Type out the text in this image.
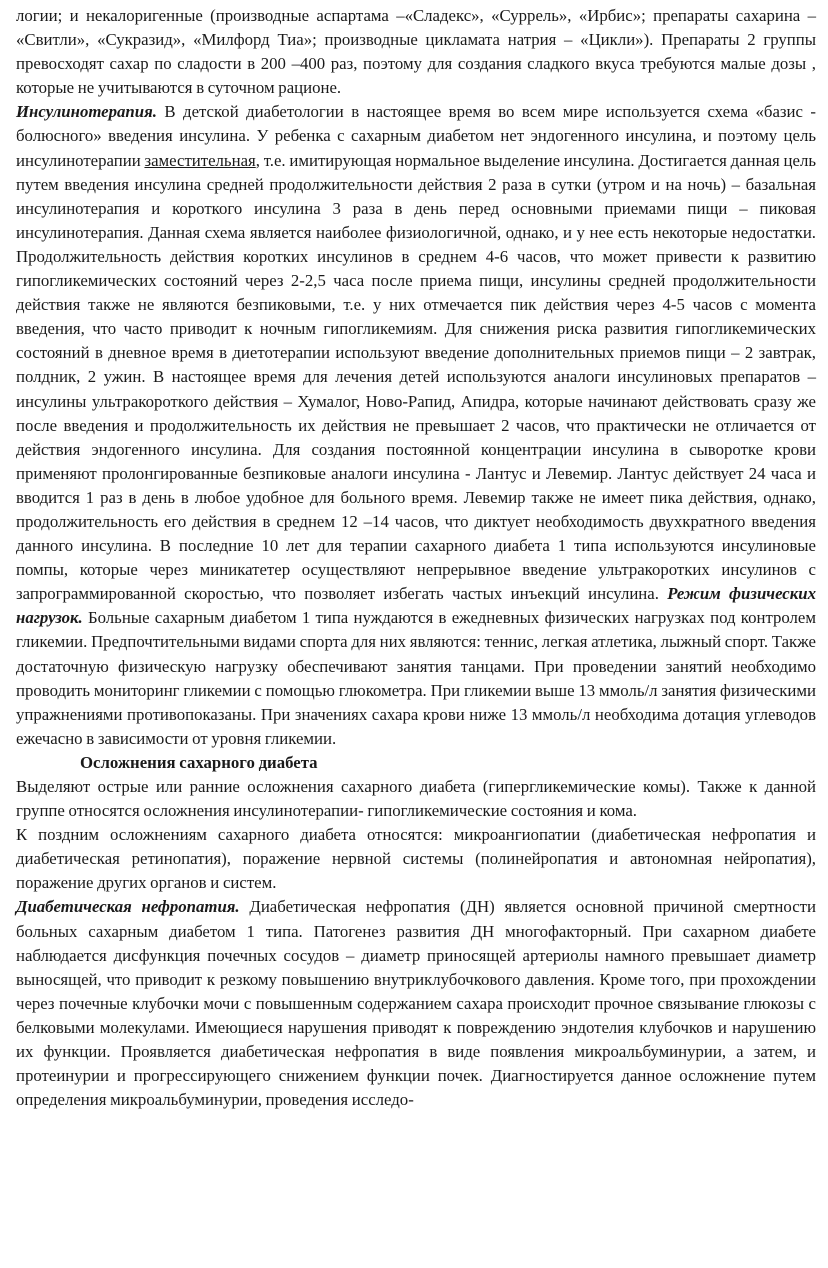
логии; и некалоригенные (производные аспартама –«Сладекс», «Суррель», «Ирбис»; препараты сахарина – «Свитли», «Сукразид», «Милфорд Тиа»; производные цикламата натрия – «Цикли»). Препараты 2 группы превосходят сахар по сладости в 200 –400 раз, поэтому для создания сладкого вкуса требуются малые дозы , которые не учитываются в суточном рационе.

Инсулинотерапия. В детской диабетологии в настоящее время во всем мире используется схема «базис - болюсного» введения инсулина. У ребенка с сахарным диабетом нет эндогенного инсулина, и поэтому цель инсулинотерапии заместительная, т.е. имитирующая нормальное выделение инсулина. Достигается данная цель путем введения инсулина средней продолжительности действия 2 раза в сутки (утром и на ночь) – базальная инсулинотерапия и короткого инсулина 3 раза в день перед основными приемами пищи – пиковая инсулинотерапия. Данная схема является наиболее физиологичной, однако, и у нее есть некоторые недостатки. Продолжительность действия коротких инсулинов в среднем 4-6 часов, что может привести к развитию гипогликемических состояний через 2-2,5 часа после приема пищи, инсулины средней продолжительности действия также не являются безпиковыми, т.е. у них отмечается пик действия через 4-5 часов с момента введения, что часто приводит к ночным гипогликемиям. Для снижения риска развития гипогликемических состояний в дневное время в диетотерапии используют введение дополнительных приемов пищи – 2 завтрак, полдник, 2 ужин. В настоящее время для лечения детей используются аналоги инсулиновых препаратов – инсулины ультракороткого действия – Хумалог, Ново-Рапид, Апидра, которые начинают действовать сразу же после введения и продолжительность их действия не превышает 2 часов, что практически не отличается от действия эндогенного инсулина. Для создания постоянной концентрации инсулина в сыворотке крови применяют пролонгированные безпиковые аналоги инсулина - Лантус и Левемир. Лантус действует 24 часа и вводится 1 раз в день в любое удобное для больного время. Левемир также не имеет пика действия, однако, продолжительность его действия в среднем 12 –14 часов, что диктует необходимость двухкратного введения данного инсулина. В последние 10 лет для терапии сахарного диабета 1 типа используются инсулиновые помпы, которые через миникатетер осуществляют непрерывное введение ультракоротких инсулинов с запрограммированной скоростью, что позволяет избегать частых инъекций инсулина. Режим физических нагрузок. Больные сахарным диабетом 1 типа нуждаются в ежедневных физических нагрузках под контролем гликемии. Предпочтительными видами спорта для них являются: теннис, легкая атлетика, лыжный спорт. Также достаточную физическую нагрузку обеспечивают занятия танцами. При проведении занятий необходимо проводить мониторинг гликемии с помощью глюкометра. При гликемии выше 13 ммоль/л занятия физическими упражнениями противопоказаны. При значениях сахара крови ниже 13 ммоль/л необходима дотация углеводов ежечасно в зависимости от уровня гликемии.

Осложнения сахарного диабета

Выделяют острые или ранние осложнения сахарного диабета (гипергликемические комы). Также к данной группе относятся осложнения инсулинотерапии- гипогликемические состояния и кома.

К поздним осложнениям сахарного диабета относятся: микроангиопатии (диабетическая нефропатия и диабетическая ретинопатия), поражение нервной системы (полинейропатия и автономная нейропатия), поражение других органов и систем.

Диабетическая нефропатия. Диабетическая нефропатия (ДН) является основной причиной смертности больных сахарным диабетом 1 типа. Патогенез развития ДН многофакторный. При сахарном диабете наблюдается дисфункция почечных сосудов – диаметр приносящей артериолы намного превышает диаметр выносящей, что приводит к резкому повышению внутриклубочкового давления. Кроме того, при прохождении через почечные клубочки мочи с повышенным содержанием сахара происходит прочное связывание глюкозы с белковыми молекулами. Имеющиеся нарушения приводят к повреждению эндотелия клубочков и нарушению их функции. Проявляется диабетическая нефропатия в виде появления микроальбуминурии, а затем, и протеинурии и прогрессирующего снижением функции почек. Диагностируется данное осложнение путем определения микроальбуминурии, проведения исследо-
